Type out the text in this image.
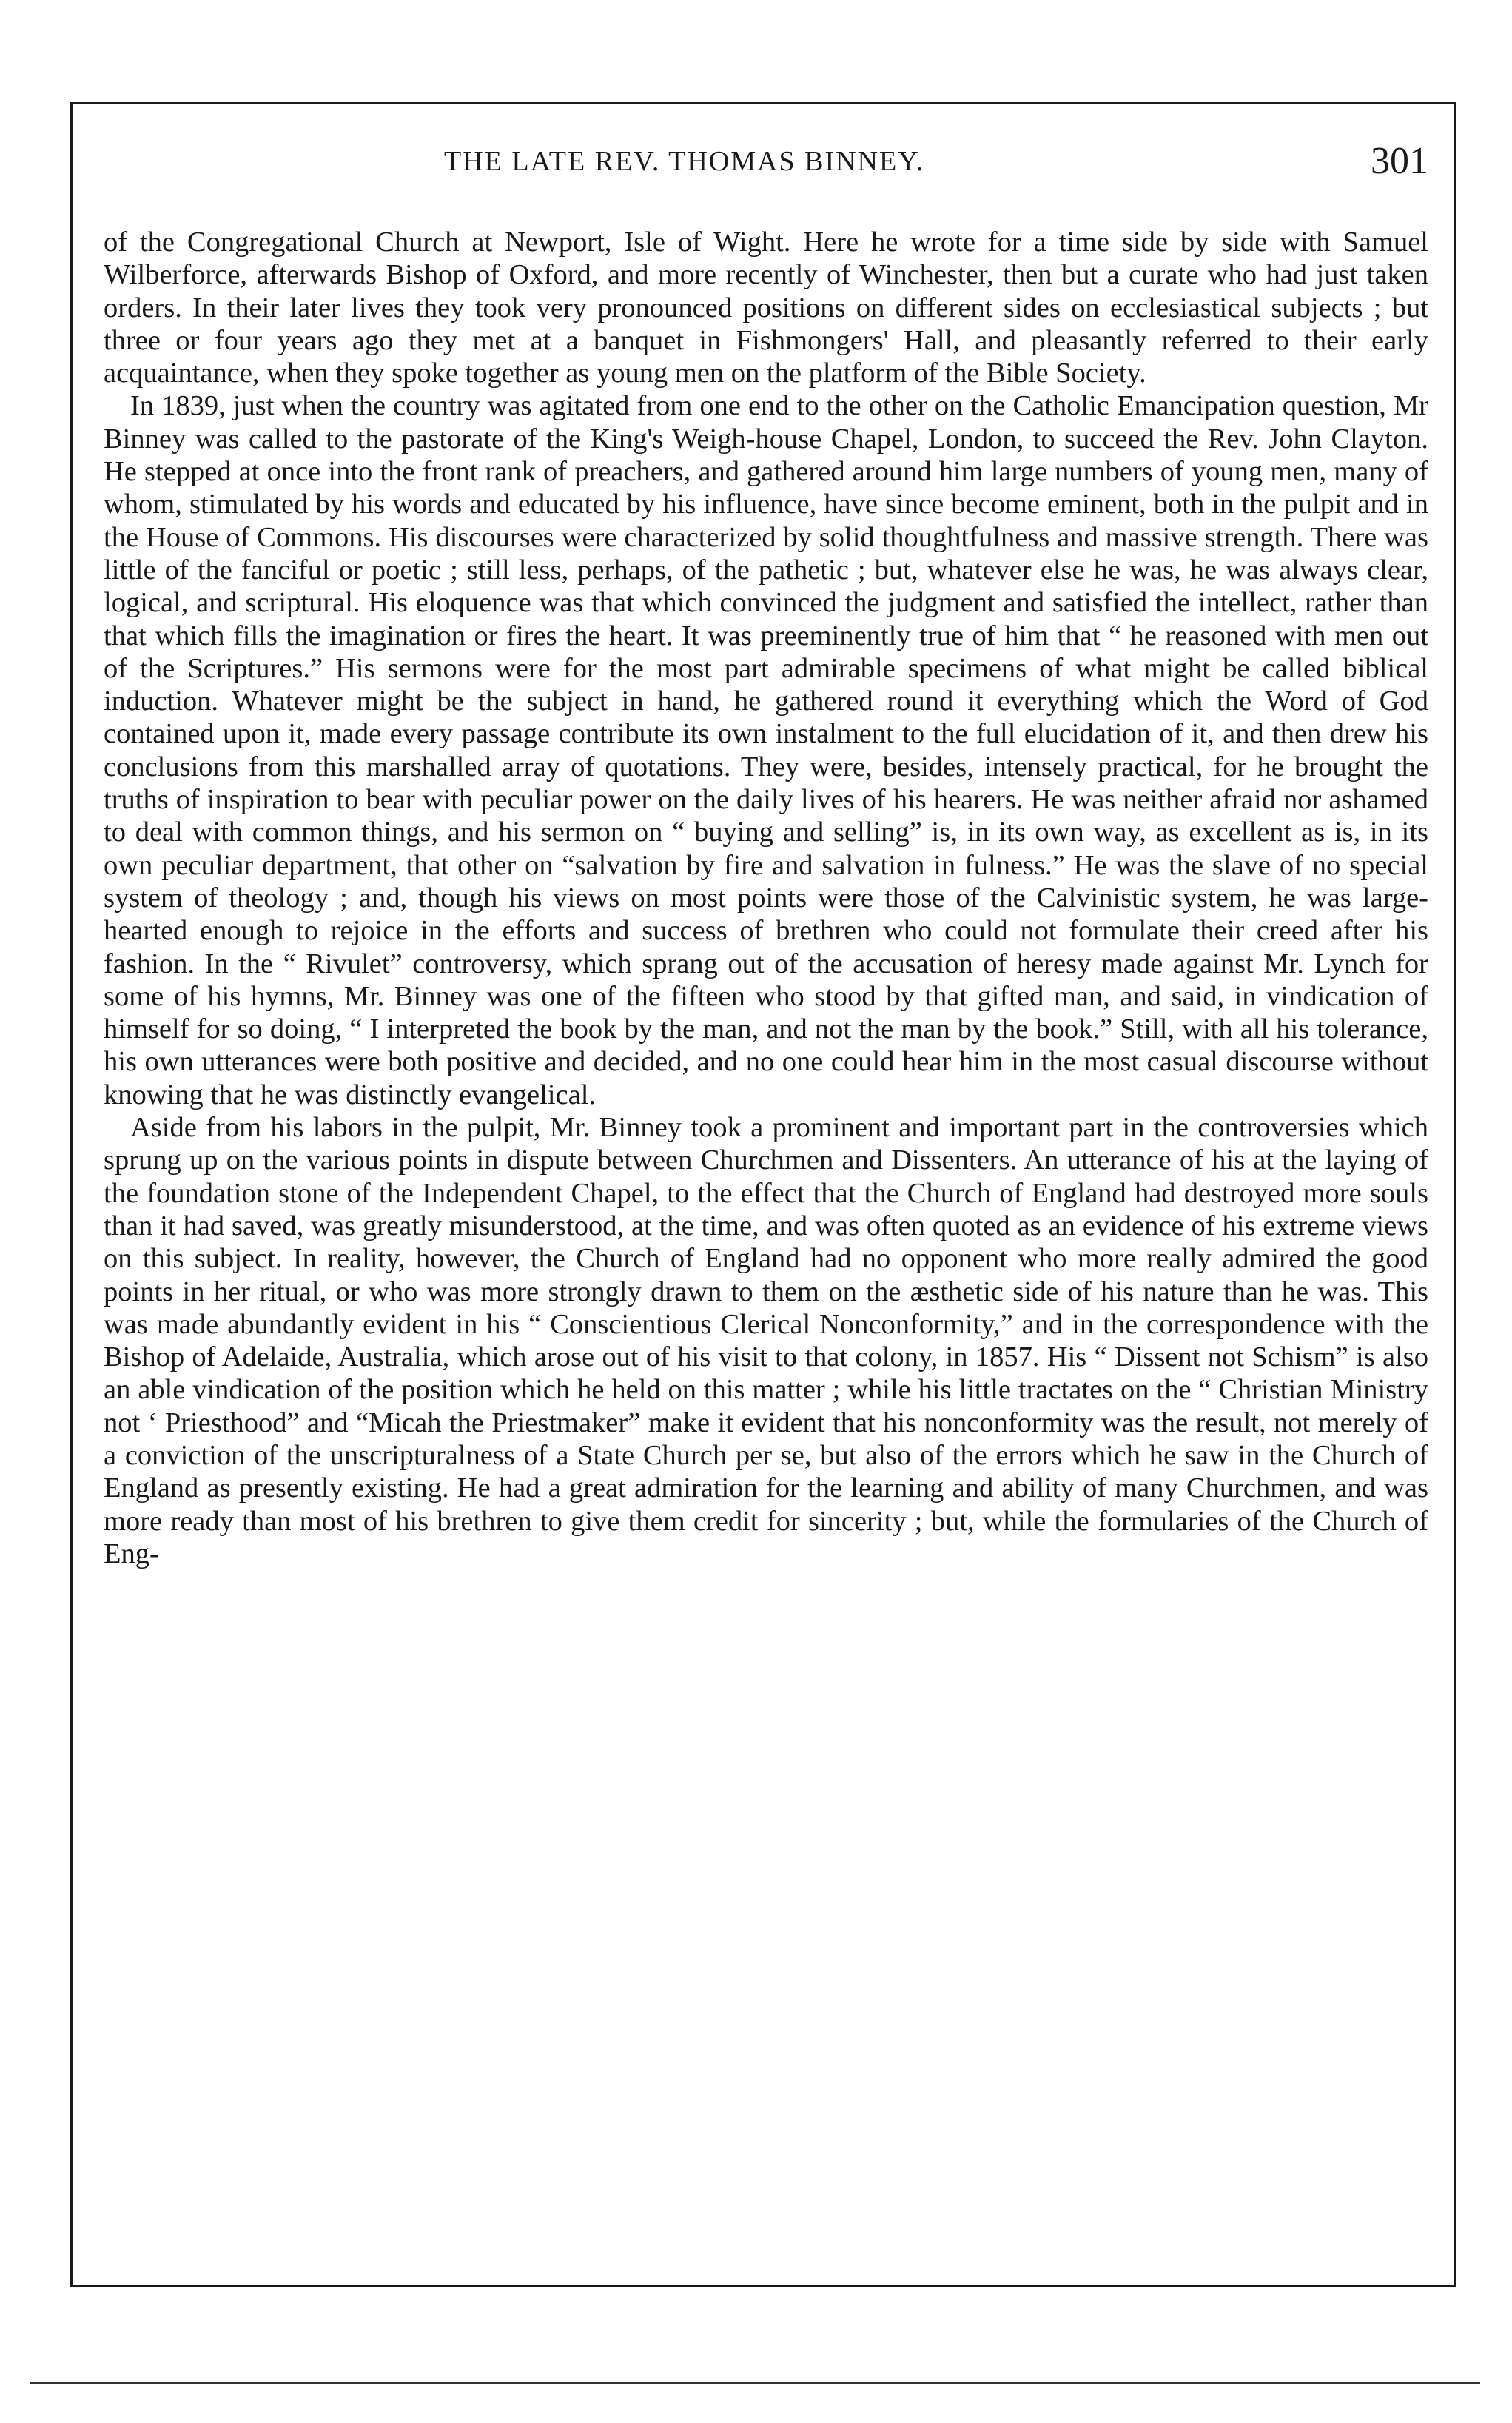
THE LATE REV. THOMAS BINNEY.	301

of the Congregational Church at Newport, Isle of Wight. Here he wrote for a time side by side with Samuel Wilberforce, afterwards Bishop of Oxford, and more recently of Winchester, then but a curate who had just taken orders. In their later lives they took very pronounced positions on different sides on ecclesiastical subjects ; but three or four years ago they met at a banquet in Fishmongers' Hall, and pleasantly referred to their early acquaintance, when they spoke together as young men on the platform of the Bible Society.

In 1839, just when the country was agitated from one end to the other on the Catholic Emancipation question, Mr Binney was called to the pastorate of the King's Weigh-house Chapel, London, to succeed the Rev. John Clayton. He stepped at once into the front rank of preachers, and gathered around him large numbers of young men, many of whom, stimulated by his words and educated by his influence, have since become eminent, both in the pulpit and in the House of Commons. His discourses were characterized by solid thoughtfulness and massive strength. There was little of the fanciful or poetic ; still less, perhaps, of the pathetic ; but, whatever else he was, he was always clear, logical, and scriptural. His eloquence was that which convinced the judgment and satisfied the intellect, rather than that which fills the imagination or fires the heart. It was preeminently true of him that “ he reasoned with men out of the Scriptures.” His sermons were for the most part admirable specimens of what might be called biblical induction. Whatever might be the subject in hand, he gathered round it everything which the Word of God contained upon it, made every passage contribute its own instalment to the full elucidation of it, and then drew his conclusions from this marshalled array of quotations. They were, besides, intensely practical, for he brought the truths of inspiration to bear with peculiar power on the daily lives of his hearers. He was neither afraid nor ashamed to deal with common things, and his sermon on “ buying and selling” is, in its own way, as excellent as is, in its own peculiar department, that other on “salvation by fire and salvation in fulness.” He was the slave of no special system of theology ; and, though his views on most points were those of the Calvinistic system, he was large-hearted enough to rejoice in the efforts and success of brethren who could not formulate their creed after his fashion. In the “ Rivulet” controversy, which sprang out of the accusation of heresy made against Mr. Lynch for some of his hymns, Mr. Binney was one of the fifteen who stood by that gifted man, and said, in vindication of himself for so doing, “ I interpreted the book by the man, and not the man by the book.” Still, with all his tolerance, his own utterances were both positive and decided, and no one could hear him in the most casual discourse without knowing that he was distinctly evangelical.

Aside from his labors in the pulpit, Mr. Binney took a prominent and important part in the controversies which sprung up on the various points in dispute between Churchmen and Dissenters. An utterance of his at the laying of the foundation stone of the Independent Chapel, to the effect that the Church of England had destroyed more souls than it had saved, was greatly misunderstood, at the time, and was often quoted as an evidence of his extreme views on this subject. In reality, however, the Church of England had no opponent who more really admired the good points in her ritual, or who was more strongly drawn to them on the æsthetic side of his nature than he was. This was made abundantly evident in his “ Conscientious Clerical Nonconformity,” and in the correspondence with the Bishop of Adelaide, Australia, which arose out of his visit to that colony, in 1857. His “ Dissent not Schism” is also an able vindication of the position which he held on this matter ; while his little tractates on the “ Christian Ministry not ‘ Priesthood” and “Micah the Priestmaker” make it evident that his nonconformity was the result, not merely of a conviction of the unscripturalness of a State Church per se, but also of the errors which he saw in the Church of England as presently existing. He had a great admiration for the learning and ability of many Churchmen, and was more ready than most of his brethren to give them credit for sincerity ; but, while the formularies of the Church of Eng-
